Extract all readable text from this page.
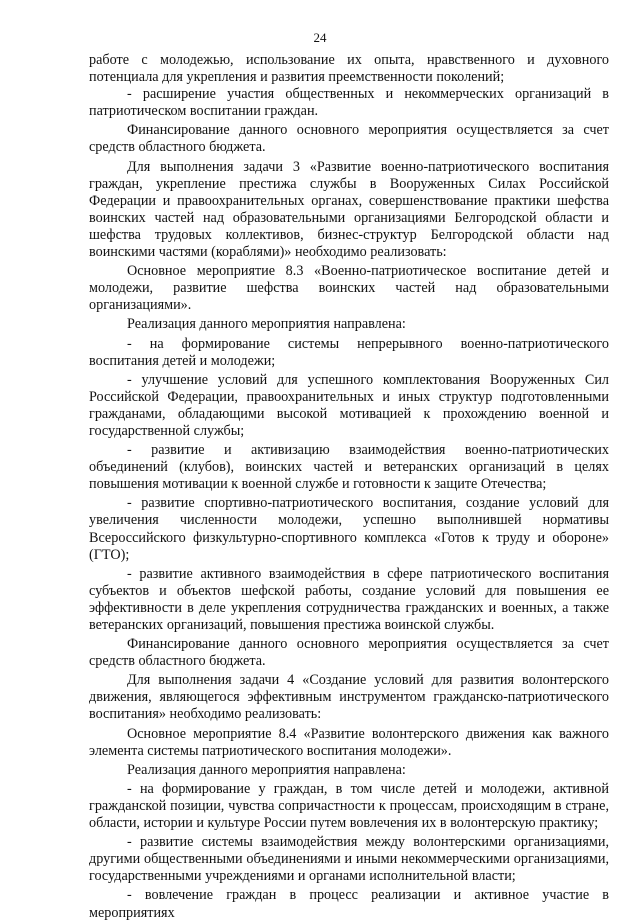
24

работе с молодежью, использование их опыта, нравственного и духовного потенциала для укрепления и развития преемственности поколений;

- расширение участия общественных и некоммерческих организаций в патриотическом воспитании граждан.

Финансирование данного основного мероприятия осуществляется за счет средств областного бюджета.

Для выполнения задачи 3 «Развитие военно-патриотического воспитания граждан, укрепление престижа службы в Вооруженных Силах Российской Федерации и правоохранительных органах, совершенствование практики шефства воинских частей над образовательными организациями Белгородской области и шефства трудовых коллективов, бизнес-структур Белгородской области над воинскими частями (кораблями)» необходимо реализовать:

Основное мероприятие 8.3 «Военно-патриотическое воспитание детей и молодежи, развитие шефства воинских частей над образовательными организациями».

Реализация данного мероприятия направлена:

- на формирование системы непрерывного военно-патриотического воспитания детей и молодежи;

- улучшение условий для успешного комплектования Вооруженных Сил Российской Федерации, правоохранительных и иных структур подготовленными гражданами, обладающими высокой мотивацией к прохождению военной и государственной службы;

- развитие и активизацию взаимодействия военно-патриотических объединений (клубов), воинских частей и ветеранских организаций в целях повышения мотивации к военной службе и готовности к защите Отечества;

- развитие спортивно-патриотического воспитания, создание условий для увеличения численности молодежи, успешно выполнившей нормативы Всероссийского физкультурно-спортивного комплекса «Готов к труду и обороне» (ГТО);

- развитие активного взаимодействия в сфере патриотического воспитания субъектов и объектов шефской работы, создание условий для повышения ее эффективности в деле укрепления сотрудничества гражданских и военных, а также ветеранских организаций, повышения престижа воинской службы.

Финансирование данного основного мероприятия осуществляется за счет средств областного бюджета.

Для выполнения задачи 4 «Создание условий для развития волонтерского движения, являющегося эффективным инструментом гражданско-патриотического воспитания» необходимо реализовать:

Основное мероприятие 8.4 «Развитие волонтерского движения как важного элемента системы патриотического воспитания молодежи».

Реализация данного мероприятия направлена:

- на формирование у граждан, в том числе детей и молодежи, активной гражданской позиции, чувства сопричастности к процессам, происходящим в стране, области, истории и культуре России путем вовлечения их в волонтерскую практику;

- развитие системы взаимодействия между волонтерскими организациями, другими общественными объединениями и иными некоммерческими организациями, государственными учреждениями и органами исполнительной власти;

- вовлечение граждан в процесс реализации и активное участие в мероприятиях
